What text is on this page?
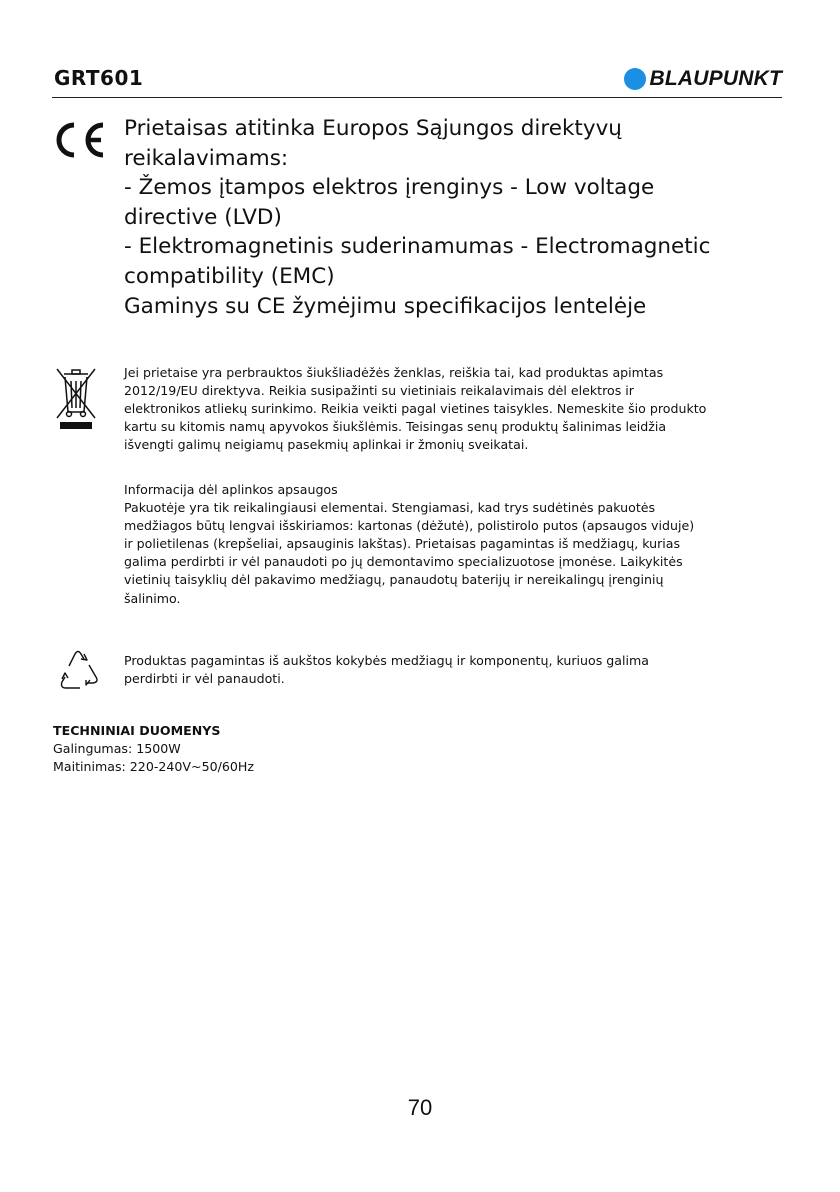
GRT601	BLAUPUNKT
Prietaisas atitinka Europos Sąjungos direktyvų
reikalavimams:
- Žemos įtampos elektros įrenginys - Low voltage
directive (LVD)
- Elektromagnetinis suderinamumas - Electromagnetic
compatibility (EMC)
Gaminys su CE žymėjimu specifikacijos lentelėje
Jei prietaise yra perbrauktos šiukšliadėžės ženklas, reiškia tai, kad produktas apimtas
2012/19/EU direktyva. Reikia susipažinti su vietiniais reikalavimais dėl elektros ir
elektronikos atliekų surinkimo. Reikia veikti pagal vietines taisykles. Nemeskite šio produkto
kartu su kitomis namų apyvokos šiukšlėmis. Teisingas senų produktų šalinimas leidžia
išvengti galimų neigiamų pasekmių aplinkai ir žmonių sveikatai.
Informacija dėl aplinkos apsaugos
Pakuotėje yra tik reikalingiausi elementai. Stengiamasi, kad trys sudėtinės pakuotės
medžiagos būtų lengvai išskiriamos: kartonas (dėžutė), polistirolo putos (apsaugos viduje)
ir polietilenas (krepšeliai, apsauginis lakštas). Prietaisas pagamintas iš medžiagų, kurias
galima perdirbti ir vėl panaudoti po jų demontavimo specializuotose įmonėse. Laikykitės
vietinių taisyklių dėl pakavimo medžiagų, panaudotų baterijų ir nereikalingų įrenginių
šalinimo.
Produktas pagamintas iš aukštos kokybės medžiagų ir komponentų, kuriuos galima
perdirbti ir vėl panaudoti.
TECHNINIAI DUOMENYS
Galingumas: 1500W
Maitinimas: 220-240V~50/60Hz
70
